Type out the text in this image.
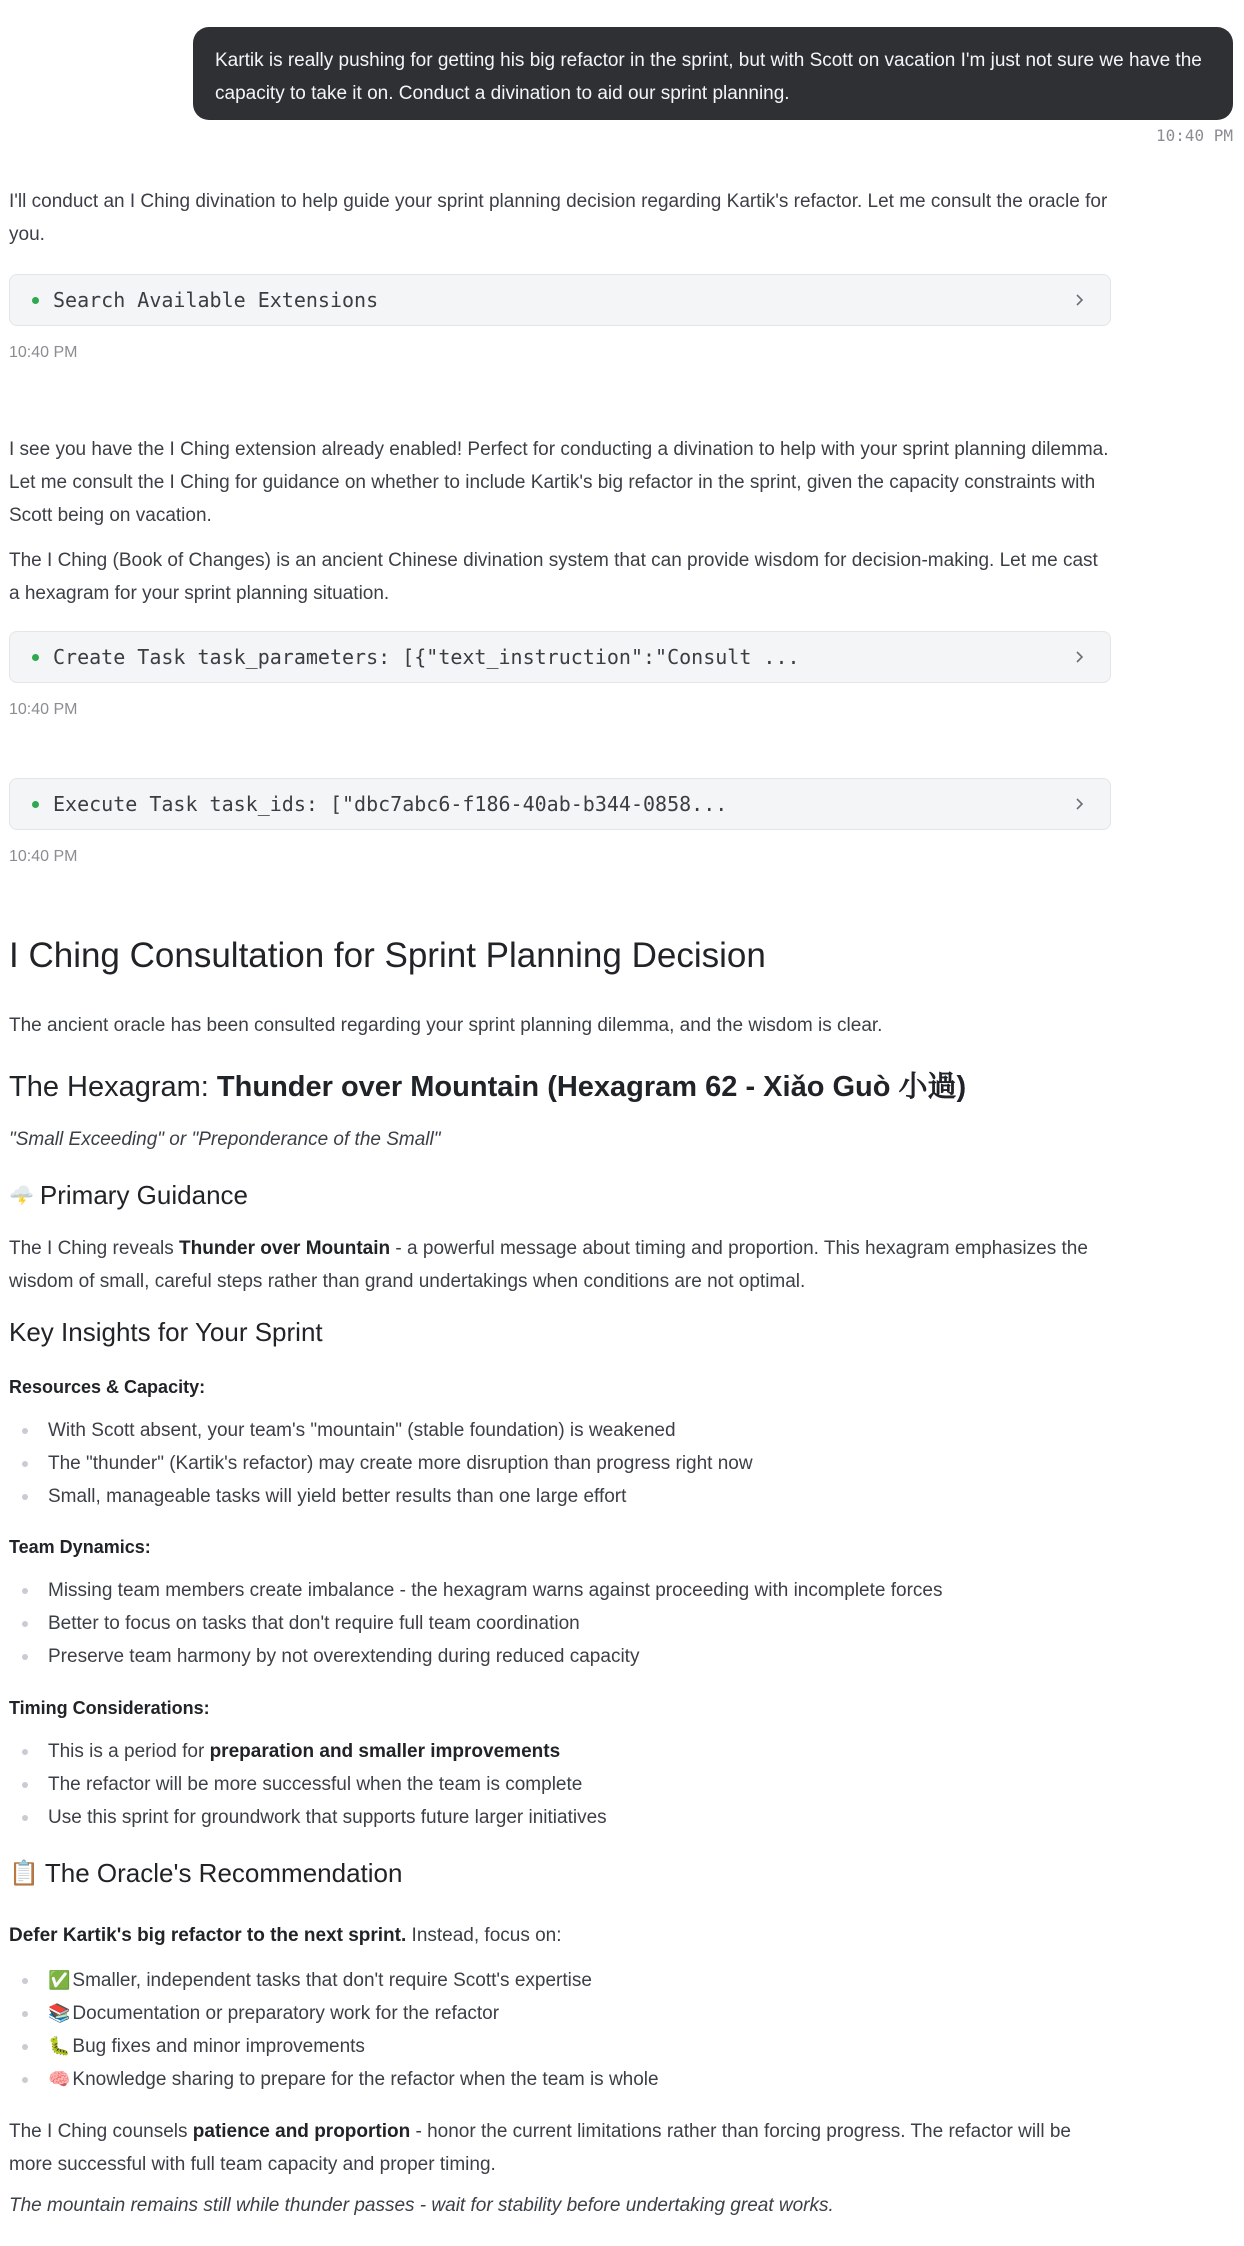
Kartik is really pushing for getting his big refactor in the sprint, but with Scott on vacation I'm just not sure we have the capacity to take it on. Conduct a divination to aid our sprint planning.
10:40 PM
I'll conduct an I Ching divination to help guide your sprint planning decision regarding Kartik's refactor. Let me consult the oracle for you.
Search Available Extensions
10:40 PM
I see you have the I Ching extension already enabled! Perfect for conducting a divination to help with your sprint planning dilemma. Let me consult the I Ching for guidance on whether to include Kartik's big refactor in the sprint, given the capacity constraints with Scott being on vacation.
The I Ching (Book of Changes) is an ancient Chinese divination system that can provide wisdom for decision-making. Let me cast a hexagram for your sprint planning situation.
Create Task task_parameters: [{"text_instruction":"Consult ...
10:40 PM
Execute Task task_ids: ["dbc7abc6-f186-40ab-b344-0858...
10:40 PM
I Ching Consultation for Sprint Planning Decision
The ancient oracle has been consulted regarding your sprint planning dilemma, and the wisdom is clear.
The Hexagram: Thunder over Mountain (Hexagram 62 - Xiǎo Guò 小過)
"Small Exceeding" or "Preponderance of the Small"
🌩️ Primary Guidance
The I Ching reveals Thunder over Mountain - a powerful message about timing and proportion. This hexagram emphasizes the wisdom of small, careful steps rather than grand undertakings when conditions are not optimal.
Key Insights for Your Sprint
Resources & Capacity:
With Scott absent, your team's "mountain" (stable foundation) is weakened
The "thunder" (Kartik's refactor) may create more disruption than progress right now
Small, manageable tasks will yield better results than one large effort
Team Dynamics:
Missing team members create imbalance - the hexagram warns against proceeding with incomplete forces
Better to focus on tasks that don't require full team coordination
Preserve team harmony by not overextending during reduced capacity
Timing Considerations:
This is a period for preparation and smaller improvements
The refactor will be more successful when the team is complete
Use this sprint for groundwork that supports future larger initiatives
📋 The Oracle's Recommendation
Defer Kartik's big refactor to the next sprint. Instead, focus on:
✅ Smaller, independent tasks that don't require Scott's expertise
📚 Documentation or preparatory work for the refactor
🐛 Bug fixes and minor improvements
🧠 Knowledge sharing to prepare for the refactor when the team is whole
The I Ching counsels patience and proportion - honor the current limitations rather than forcing progress. The refactor will be more successful with full team capacity and proper timing.
The mountain remains still while thunder passes - wait for stability before undertaking great works.
